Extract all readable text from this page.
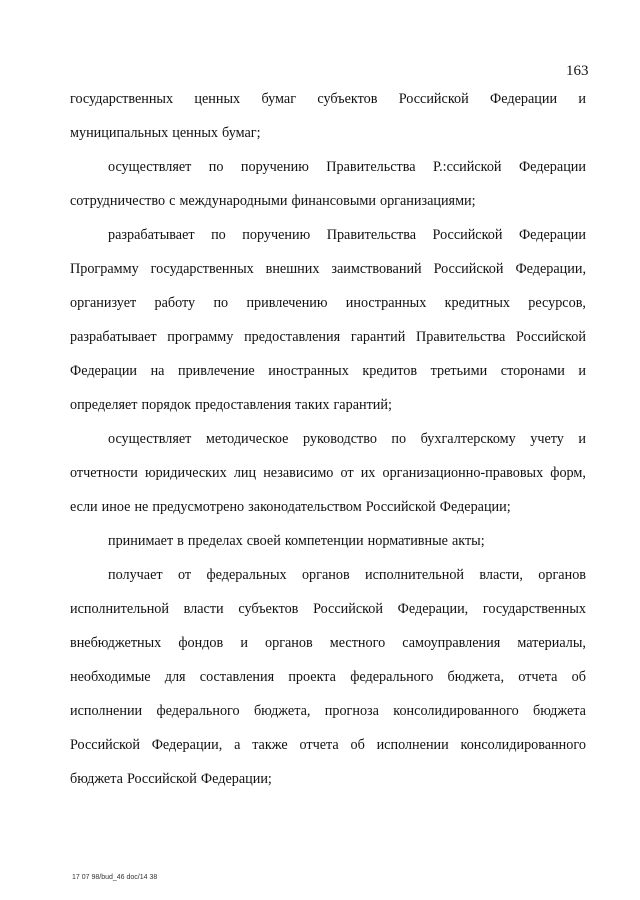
163
государственных ценных бумаг субъектов Российской Федерации и
муниципальных ценных бумаг;
осуществляет по поручению Правительства Р.:ссийской Федерации
сотрудничество с международными финансовыми организациями;
разрабатывает по поручению Правительства Российской Федерации
Программу государственных внешних заимствований Российской Федерации,
организует работу по привлечению иностранных кредитных ресурсов,
разрабатывает программу предоставления гарантий Правительства Российской
Федерации на привлечение иностранных кредитов третьими сторонами и
определяет порядок предоставления таких гарантий;
осуществляет методическое руководство по бухгалтерскому учету и
отчетности юридических лиц независимо от их организационно-правовых форм,
если иное не предусмотрено законодательством Российской Федерации;
принимает в пределах своей компетенции нормативные акты;
получает от федеральных органов исполнительной власти, органов
исполнительной власти субъектов Российской Федерации, государственных
внебюджетных фондов и органов местного самоуправления материалы,
необходимые для составления проекта федерального бюджета, отчета об
исполнении федерального бюджета, прогноза консолидированного бюджета
Российской Федерации, а также отчета об исполнении консолидированного
бюджета Российской Федерации;
17 07 98/bud_46 doc/14 38
